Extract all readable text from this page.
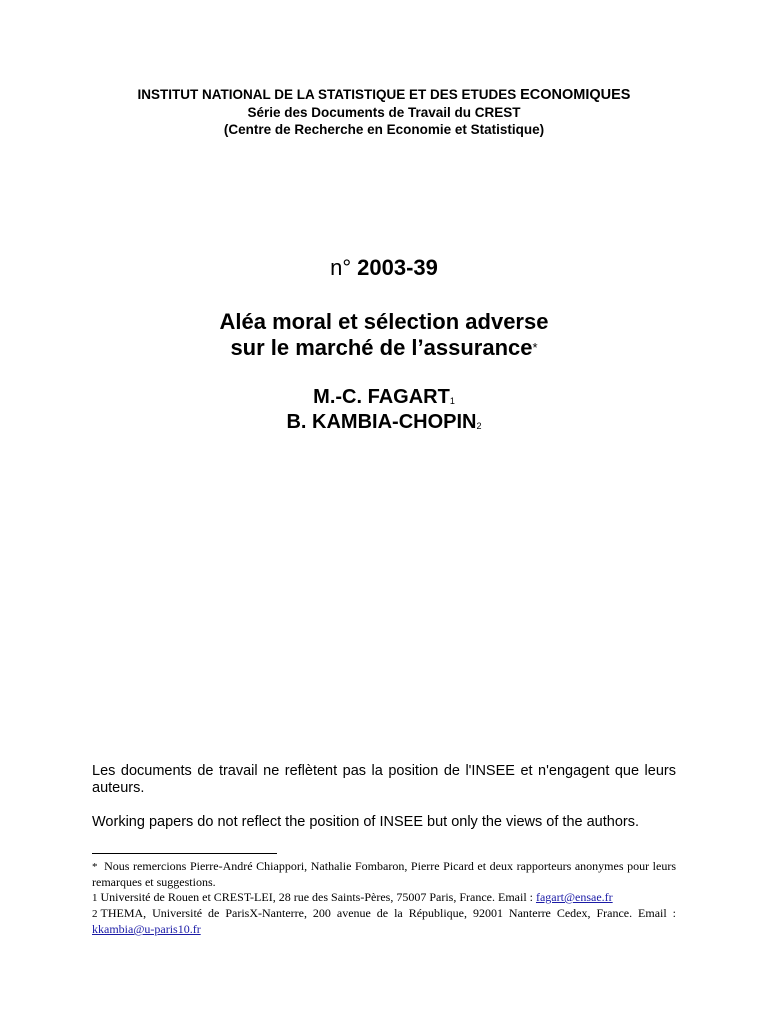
INSTITUT NATIONAL DE LA STATISTIQUE ET DES ETUDES ECONOMIQUES
Série des Documents de Travail du CREST
(Centre de Recherche en Economie et Statistique)
n° 2003-39
Aléa moral et sélection adverse
sur le marché de l’assurance*
M.-C. FAGART$^1$
B. KAMBIA-CHOPIN$^2$

Les documents de travail ne reflètent pas la position de l'INSEE et n'engagent que leurs auteurs.

Working papers do not reflect the position of INSEE but only the views of the authors.

* Nous remercions Pierre-André Chiappori, Nathalie Fombaron, Pierre Picard et deux rapporteurs anonymes pour leurs remarques et suggestions.

1 Université de Rouen et CREST-LEI, 28 rue des Saints-Pères, 75007 Paris, France. Email : fagart@ensae.fr

2 THEMA, Université de ParisX-Nanterre, 200 avenue de la République, 92001 Nanterre Cedex, France. Email : kkambia@u-paris10.fr
